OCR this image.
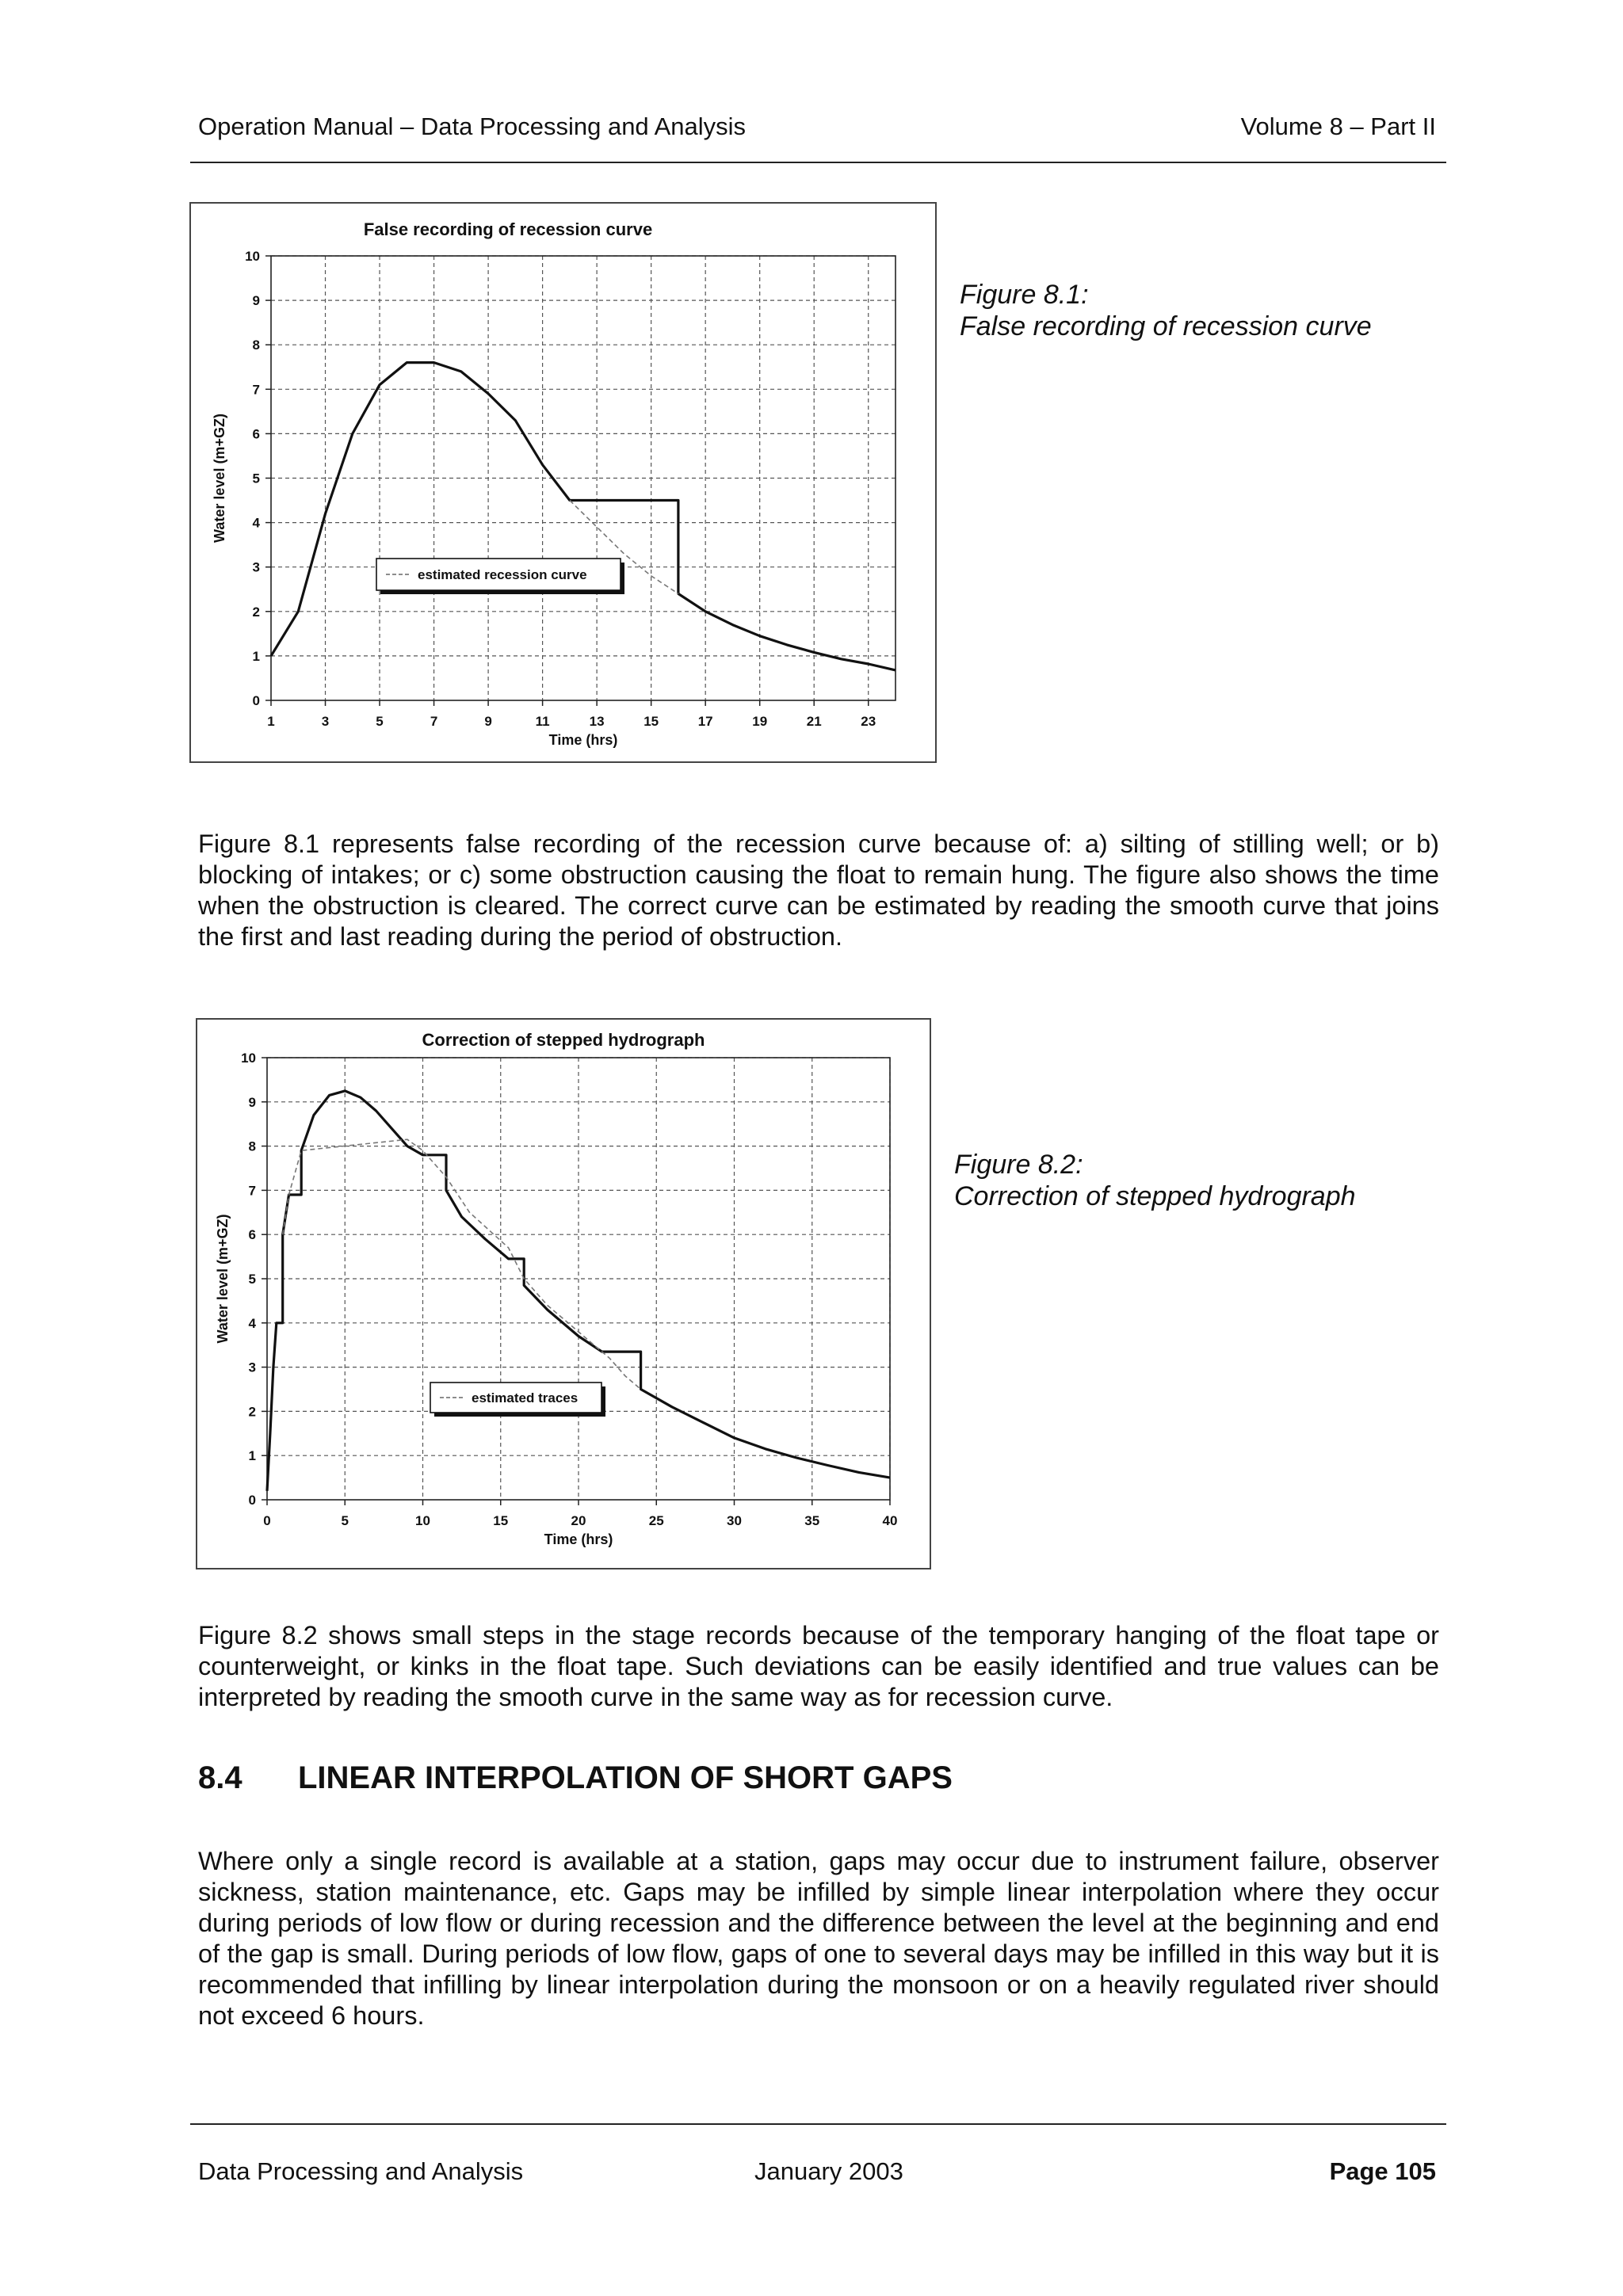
Operation Manual – Data Processing and Analysis	Volume 8 – Part II
1	3	5	7	9	11	13	15	17	19	21	23
0
1
2
3
4
5
6
7
8
9
10
False recording of recession curve
Time (hrs)
Water level (m+GZ)
estimated recession curve
Figure 8.1:
False recording of recession curve

Figure 8.1 represents false recording of the recession curve because of: a) silting of stilling well; or b) blocking of intakes; or c) some obstruction causing the float to remain hung. The figure also shows the time when the obstruction is cleared. The correct curve can be estimated by reading the smooth curve that joins the first and last reading during the period of obstruction.

0	5	10	15	20	25	30	35	40
0
1
2
3
4
5
6
7
8
9
10
Correction of stepped hydrograph
Time (hrs)
Water level (m+GZ)
estimated traces
Figure 8.2:
Correction of stepped hydrograph

Figure 8.2 shows small steps in the stage records because of the temporary hanging of the float tape or counterweight, or kinks in the float tape. Such deviations can be easily identified and true values can be interpreted by reading the smooth curve in the same way as for recession curve.

8.4 LINEAR INTERPOLATION OF SHORT GAPS

Where only a single record is available at a station, gaps may occur due to instrument failure, observer sickness, station maintenance, etc. Gaps may be infilled by simple linear interpolation where they occur during periods of low flow or during recession and the difference between the level at the beginning and end of the gap is small. During periods of low flow, gaps of one to several days may be infilled in this way but it is recommended that infilling by linear interpolation during the monsoon or on a heavily regulated river should not exceed 6 hours.

Data Processing and Analysis	January 2003	Page 105
